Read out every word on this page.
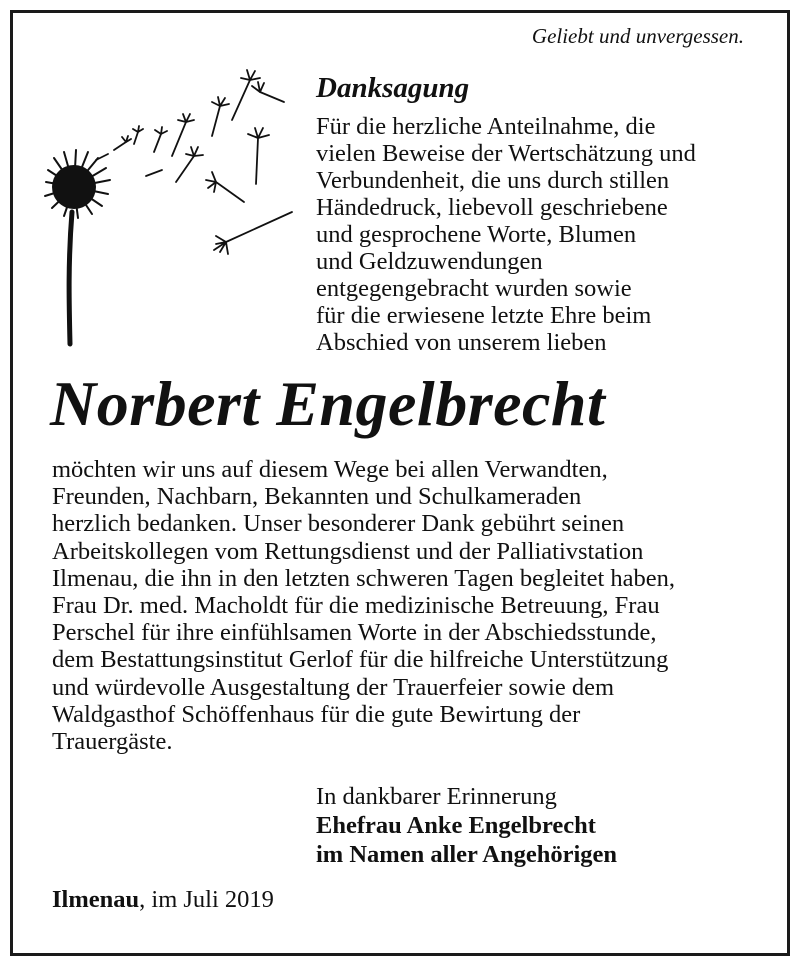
Geliebt und unvergessen.
Danksagung
Für die herzliche Anteilnahme, die
vielen Beweise der Wertschätzung und
Verbundenheit, die uns durch stillen
Händedruck, liebevoll geschriebene
und gesprochene Worte, Blumen
und Geldzuwendungen
entgegengebracht wurden sowie
für die erwiesene letzte Ehre beim
Abschied von unserem lieben
Norbert Engelbrecht
möchten wir uns auf diesem Wege bei allen Verwandten,
Freunden, Nachbarn, Bekannten und Schulkameraden
herzlich bedanken. Unser besonderer Dank gebührt seinen
Arbeitskollegen vom Rettungsdienst und der Palliativstation
Ilmenau, die ihn in den letzten schweren Tagen begleitet haben,
Frau Dr. med. Macholdt für die medizinische Betreuung, Frau
Perschel für ihre einfühlsamen Worte in der Abschiedsstunde,
dem Bestattungsinstitut Gerlof für die hilfreiche Unterstützung
und würdevolle Ausgestaltung der Trauerfeier sowie dem
Waldgasthof Schöffenhaus für die gute Bewirtung der
Trauergäste.
In dankbarer Erinnerung
Ehefrau Anke Engelbrecht
im Namen aller Angehörigen
Ilmenau, im Juli 2019
